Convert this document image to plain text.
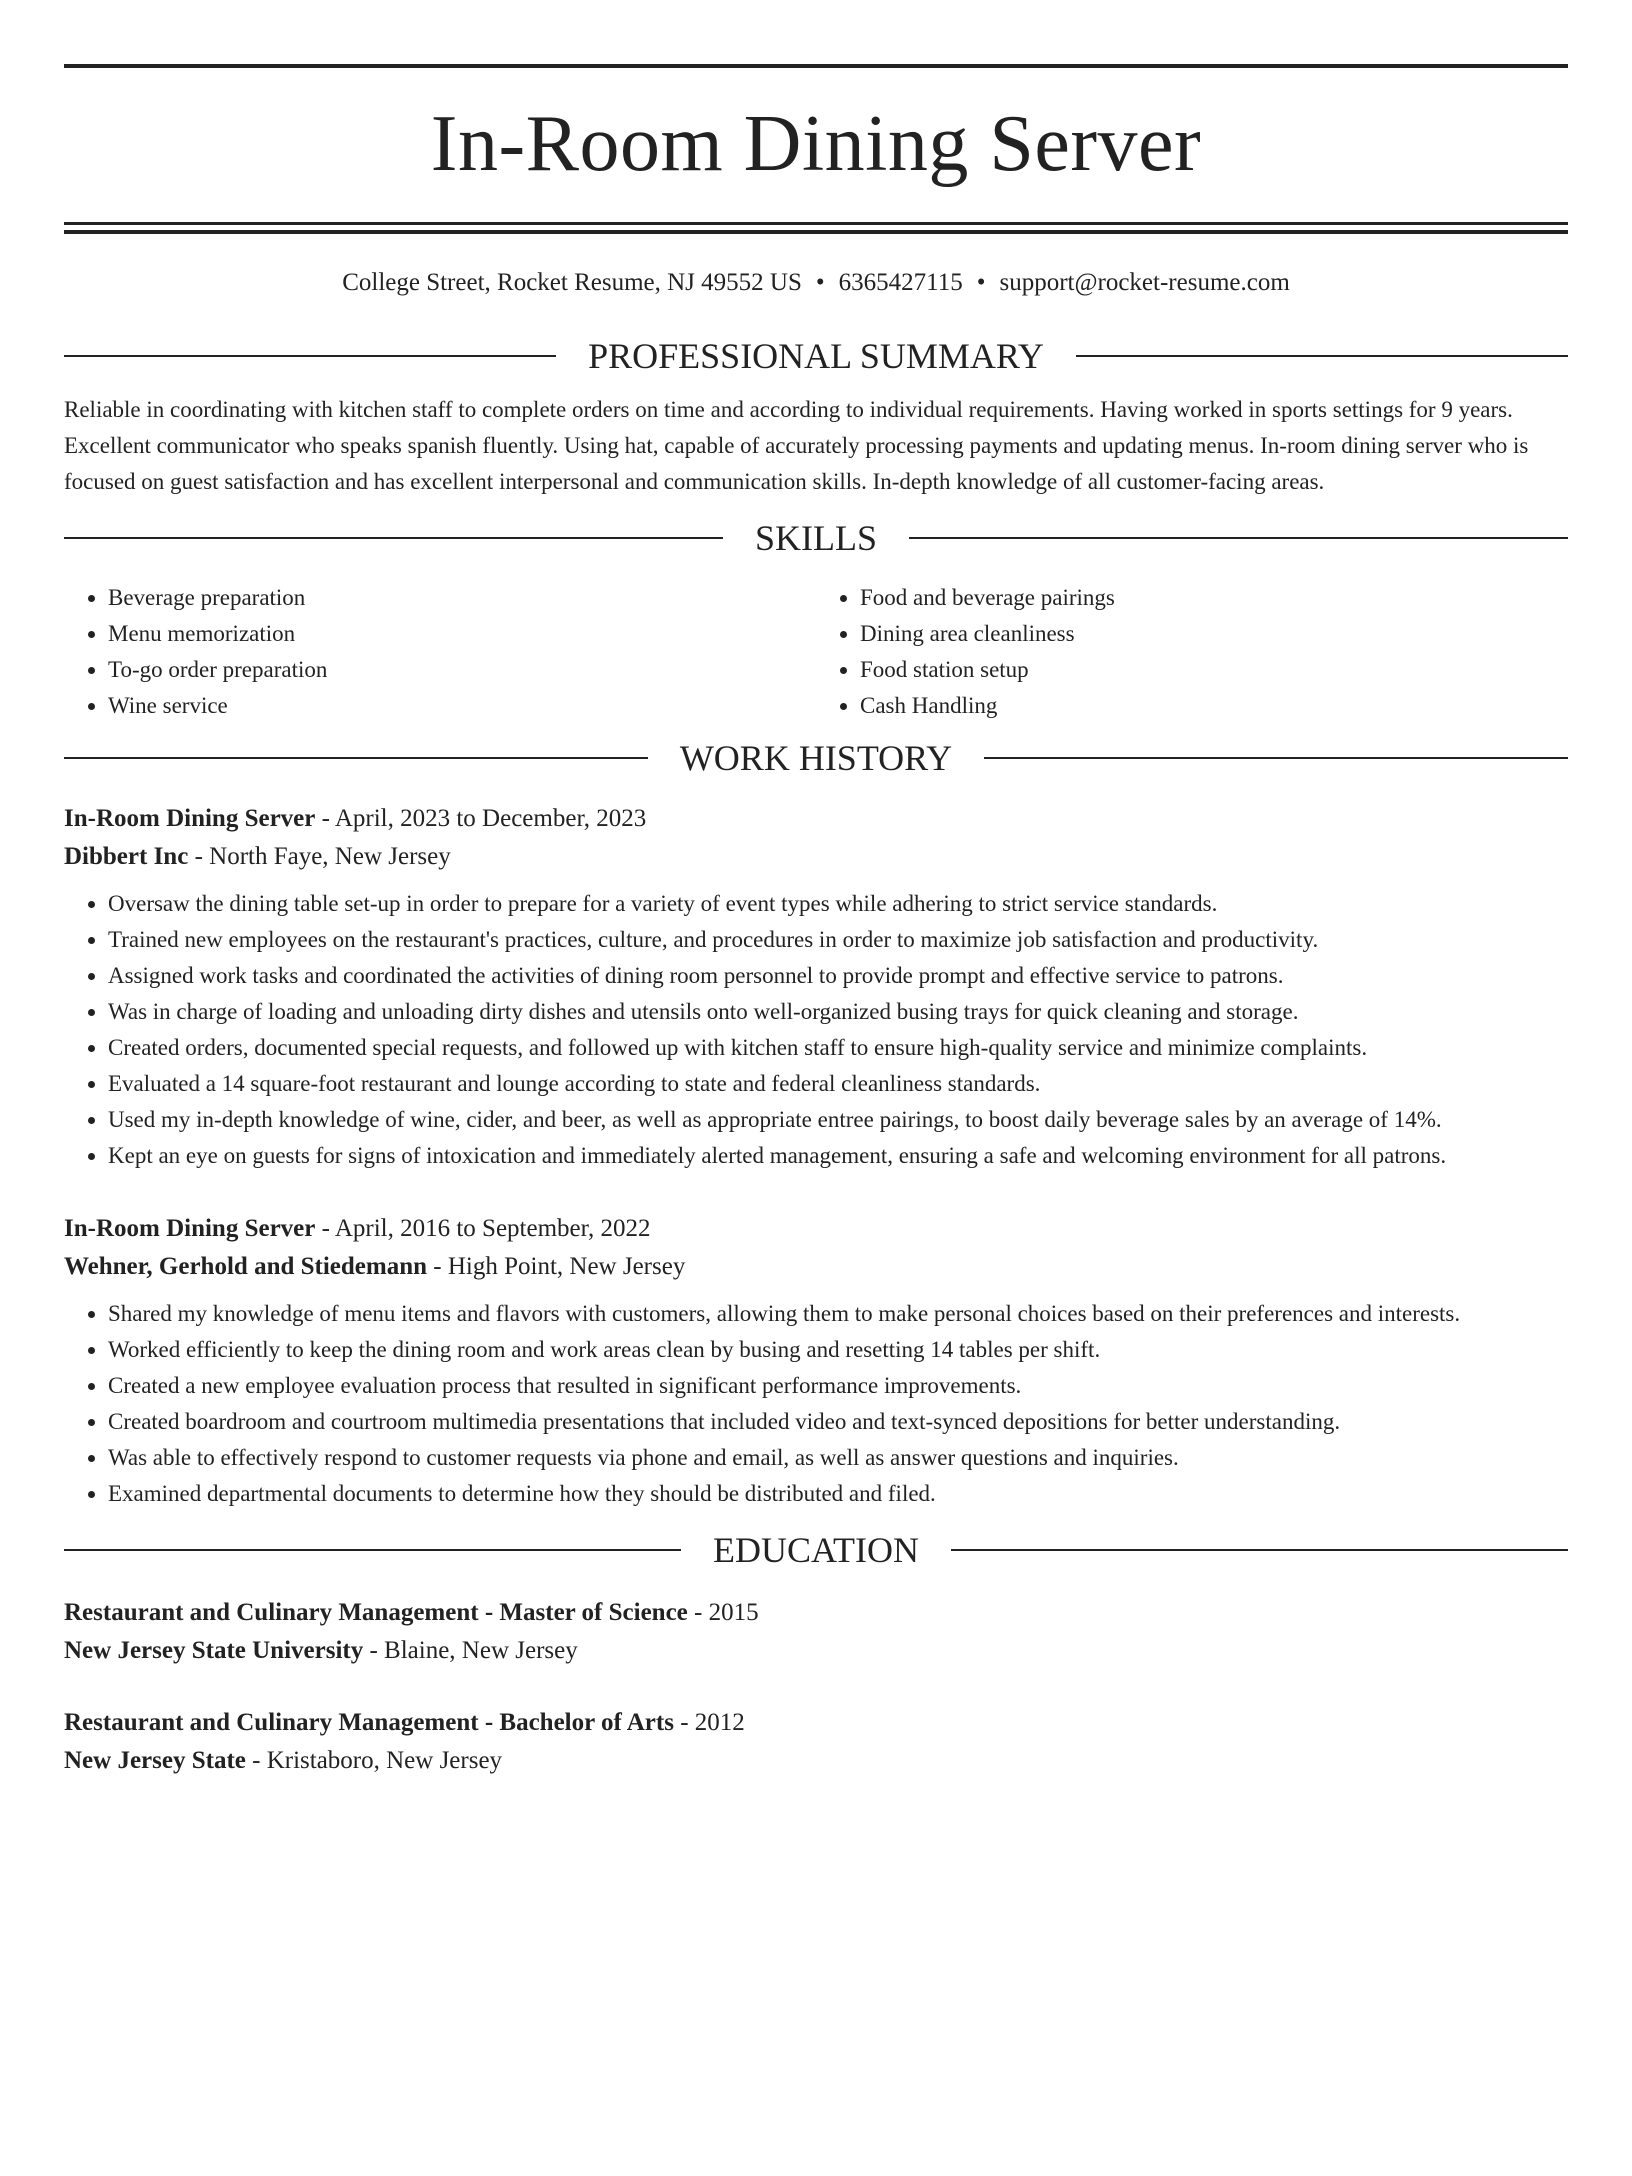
In-Room Dining Server
College Street, Rocket Resume, NJ 49552 US • 6365427115 • support@rocket-resume.com
PROFESSIONAL SUMMARY
Reliable in coordinating with kitchen staff to complete orders on time and according to individual requirements. Having worked in sports settings for 9 years. Excellent communicator who speaks spanish fluently. Using hat, capable of accurately processing payments and updating menus. In-room dining server who is focused on guest satisfaction and has excellent interpersonal and communication skills. In-depth knowledge of all customer-facing areas.
SKILLS
• Beverage preparation
• Menu memorization
• To-go order preparation
• Wine service
• Food and beverage pairings
• Dining area cleanliness
• Food station setup
• Cash Handling
WORK HISTORY
In-Room Dining Server - April, 2023 to December, 2023
Dibbert Inc - North Faye, New Jersey
• Oversaw the dining table set-up in order to prepare for a variety of event types while adhering to strict service standards.
• Trained new employees on the restaurant's practices, culture, and procedures in order to maximize job satisfaction and productivity.
• Assigned work tasks and coordinated the activities of dining room personnel to provide prompt and effective service to patrons.
• Was in charge of loading and unloading dirty dishes and utensils onto well-organized busing trays for quick cleaning and storage.
• Created orders, documented special requests, and followed up with kitchen staff to ensure high-quality service and minimize complaints.
• Evaluated a 14 square-foot restaurant and lounge according to state and federal cleanliness standards.
• Used my in-depth knowledge of wine, cider, and beer, as well as appropriate entree pairings, to boost daily beverage sales by an average of 14%.
• Kept an eye on guests for signs of intoxication and immediately alerted management, ensuring a safe and welcoming environment for all patrons.
In-Room Dining Server - April, 2016 to September, 2022
Wehner, Gerhold and Stiedemann - High Point, New Jersey
• Shared my knowledge of menu items and flavors with customers, allowing them to make personal choices based on their preferences and interests.
• Worked efficiently to keep the dining room and work areas clean by busing and resetting 14 tables per shift.
• Created a new employee evaluation process that resulted in significant performance improvements.
• Created boardroom and courtroom multimedia presentations that included video and text-synced depositions for better understanding.
• Was able to effectively respond to customer requests via phone and email, as well as answer questions and inquiries.
• Examined departmental documents to determine how they should be distributed and filed.
EDUCATION
Restaurant and Culinary Management - Master of Science - 2015
New Jersey State University - Blaine, New Jersey
Restaurant and Culinary Management - Bachelor of Arts - 2012
New Jersey State - Kristaboro, New Jersey
